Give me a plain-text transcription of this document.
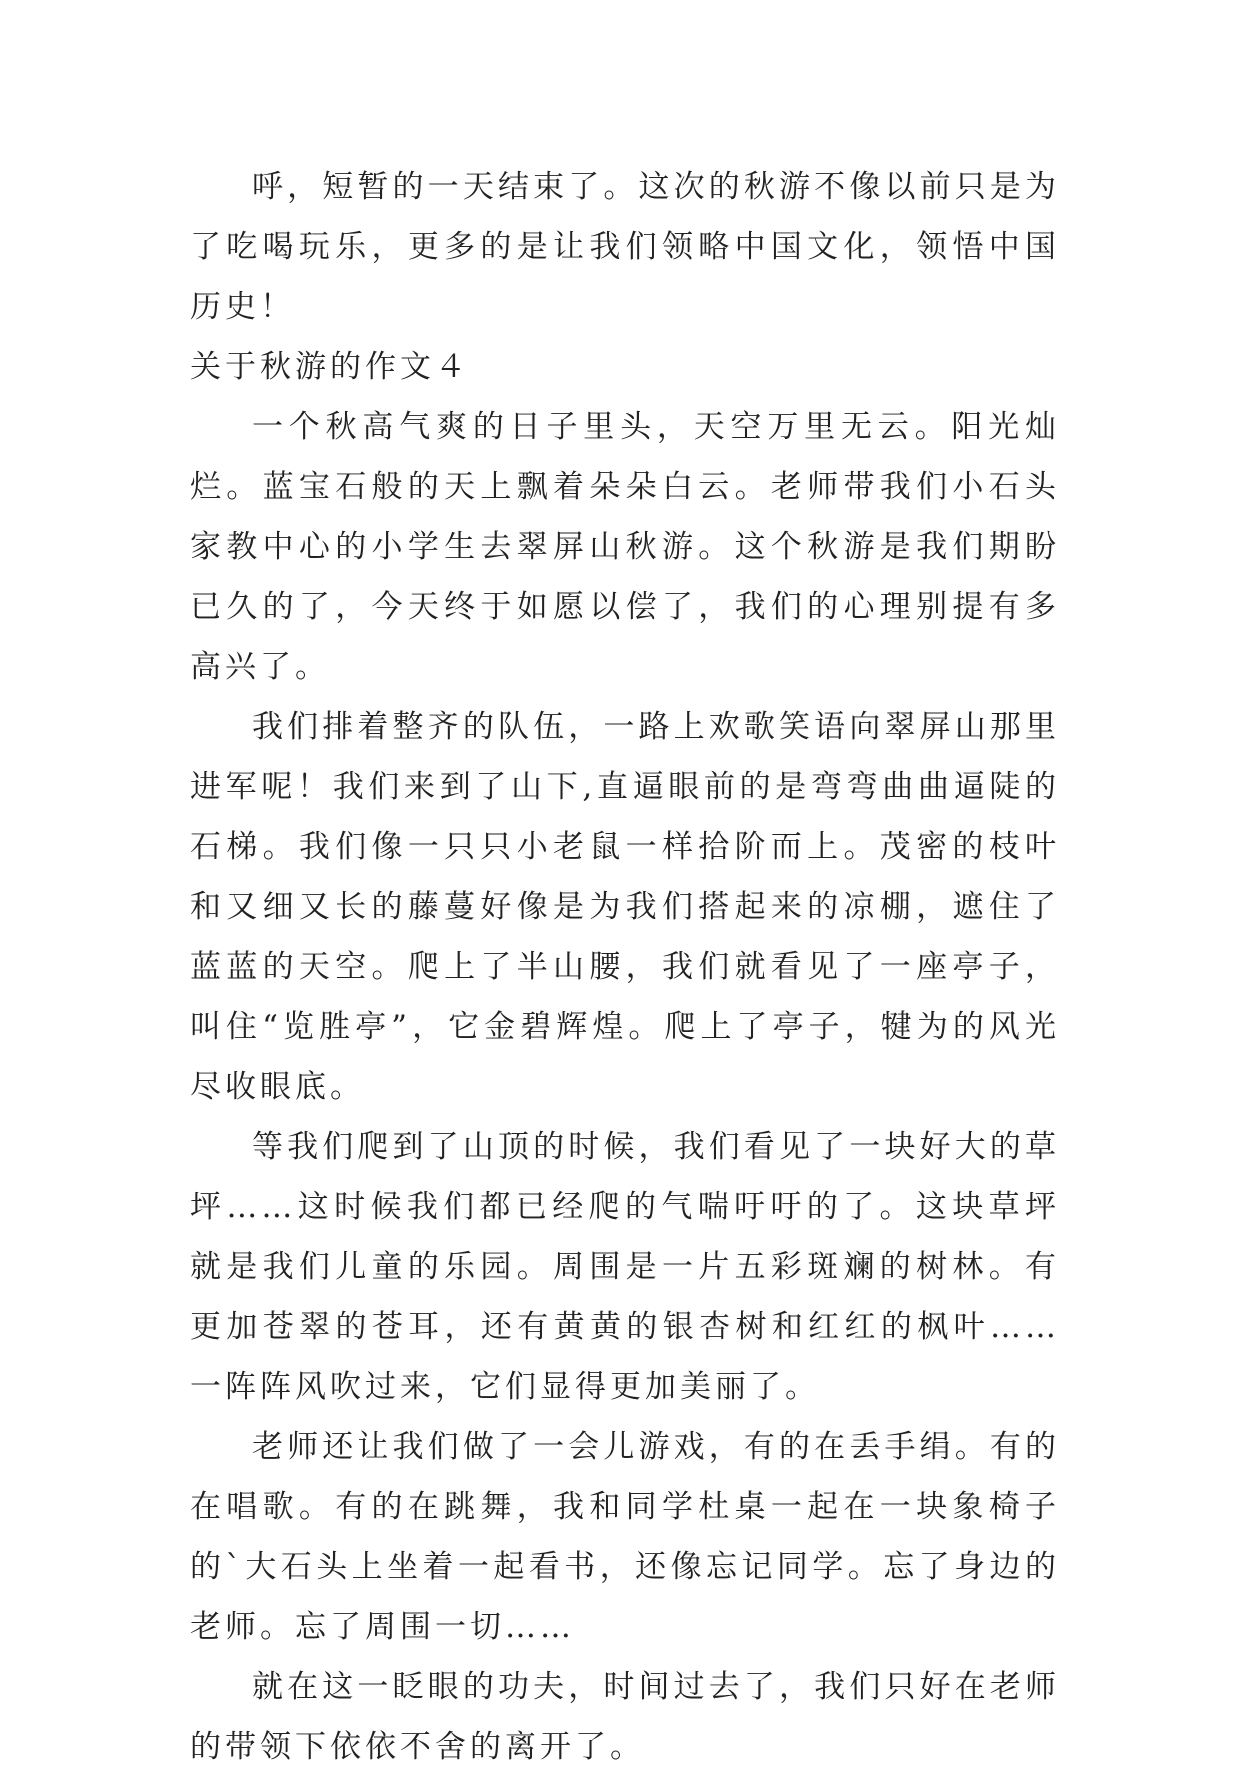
呼，短暂的一天结束了。这次的秋游不像以前只是为了吃喝玩乐，更多的是让我们领略中国文化，领悟中国历史！

关于秋游的作文４

一个秋高气爽的日子里头，天空万里无云。阳光灿烂。蓝宝石般的天上飘着朵朵白云。老师带我们小石头家教中心的小学生去翠屏山秋游。这个秋游是我们期盼已久的了，今天终于如愿以偿了，我们的心理别提有多高兴了。

我们排着整齐的队伍，一路上欢歌笑语向翠屏山那里进军呢！我们来到了山下,直逼眼前的是弯弯曲曲逼陡的石梯。我们像一只只小老鼠一样拾阶而上。茂密的枝叶和又细又长的藤蔓好像是为我们搭起来的凉棚，遮住了蓝蓝的天空。爬上了半山腰，我们就看见了一座亭子，叫住“览胜亭”，它金碧辉煌。爬上了亭子，犍为的风光尽收眼底。

等我们爬到了山顶的时候，我们看见了一块好大的草坪……这时候我们都已经爬的气喘吁吁的了。这块草坪就是我们儿童的乐园。周围是一片五彩斑斓的树林。有更加苍翠的苍耳，还有黄黄的银杏树和红红的枫叶……一阵阵风吹过来，它们显得更加美丽了。

老师还让我们做了一会儿游戏，有的在丢手绢。有的在唱歌。有的在跳舞，我和同学杜桌一起在一块象椅子的`大石头上坐着一起看书，还像忘记同学。忘了身边的老师。忘了周围一切……

就在这一眨眼的功夫，时间过去了，我们只好在老师的带领下依依不舍的离开了。
